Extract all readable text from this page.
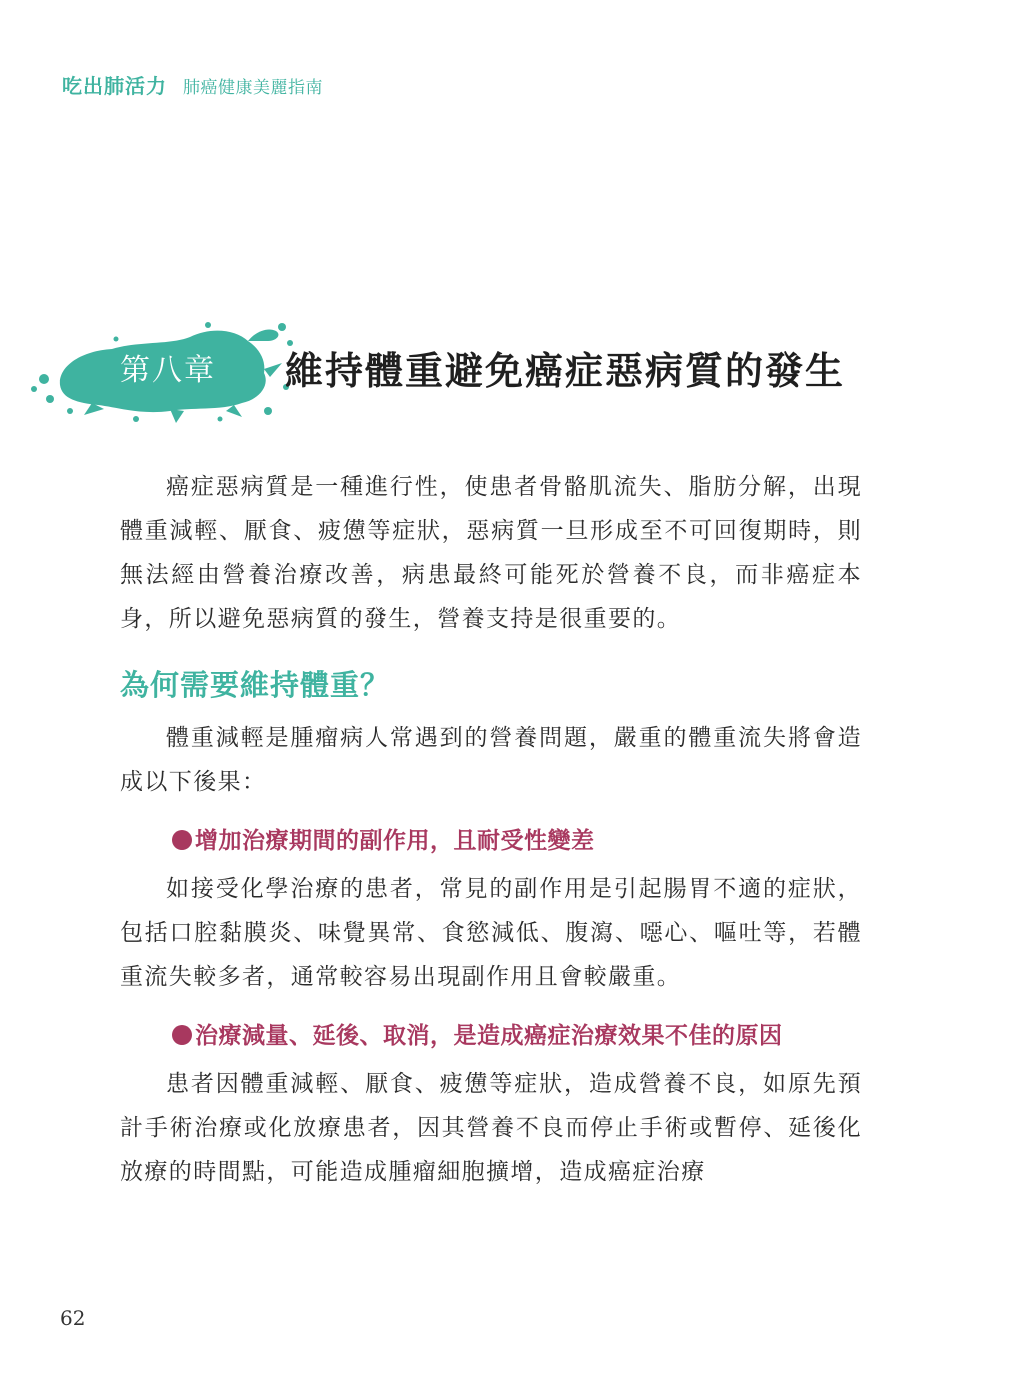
吃出肺活力 肺癌健康美麗指南
第八章 維持體重避免癌症惡病質的發生

癌症惡病質是一種進行性，使患者骨骼肌流失、脂肪分解，出現體重減輕、厭食、疲憊等症狀，惡病質一旦形成至不可回復期時，則無法經由營養治療改善，病患最終可能死於營養不良，而非癌症本身，所以避免惡病質的發生，營養支持是很重要的。

為何需要維持體重？

體重減輕是腫瘤病人常遇到的營養問題，嚴重的體重流失將會造成以下後果：

增加治療期間的副作用，且耐受性變差

如接受化學治療的患者，常見的副作用是引起腸胃不適的症狀，包括口腔黏膜炎、味覺異常、食慾減低、腹瀉、噁心、嘔吐等，若體重流失較多者，通常較容易出現副作用且會較嚴重。

治療減量、延後、取消，是造成癌症治療效果不佳的原因

患者因體重減輕、厭食、疲憊等症狀，造成營養不良，如原先預計手術治療或化放療患者，因其營養不良而停止手術或暫停、延後化放療的時間點，可能造成腫瘤細胞擴增，造成癌症治療

62
